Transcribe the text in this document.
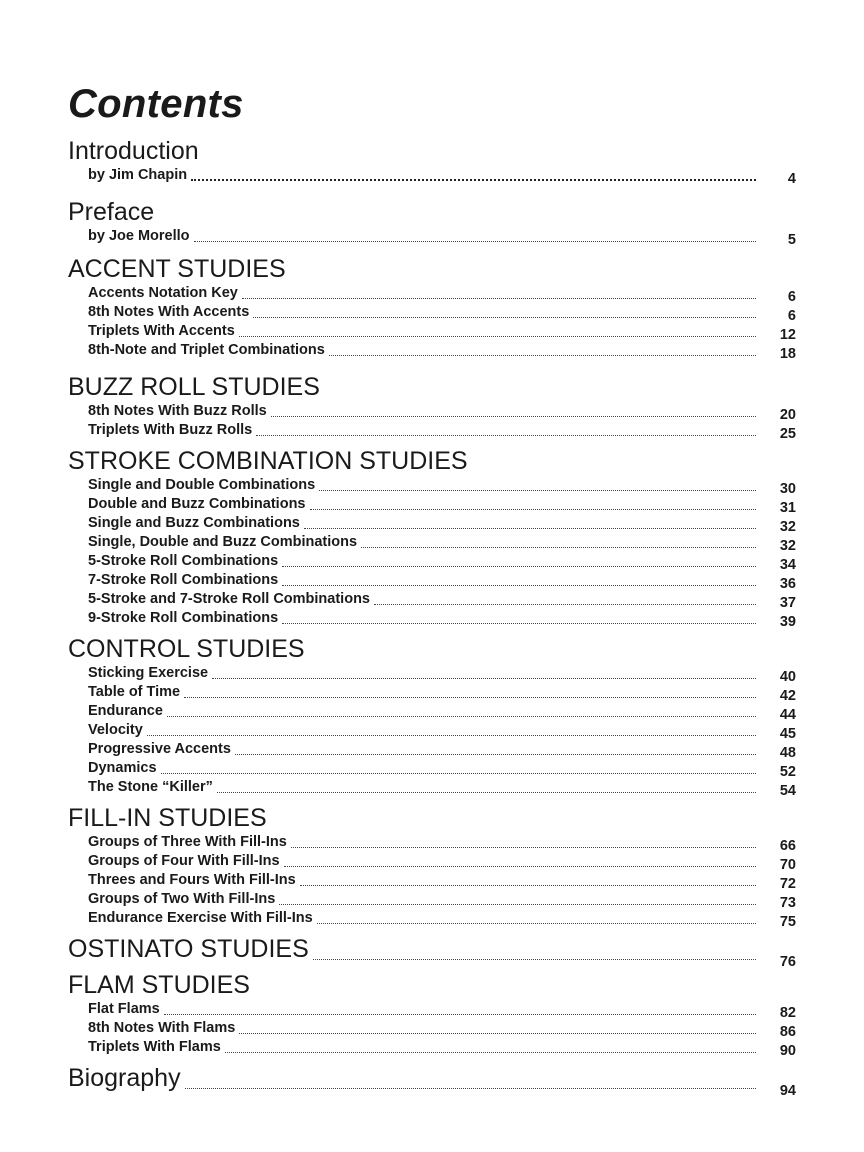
Contents
Introduction
by Jim Chapin	4
Preface
by Joe Morello	5
ACCENT STUDIES
Accents Notation Key	6
8th Notes With Accents	6
Triplets With Accents	12
8th-Note and Triplet Combinations	18
BUZZ ROLL STUDIES
8th Notes With Buzz Rolls	20
Triplets With Buzz Rolls	25
STROKE COMBINATION STUDIES
Single and Double Combinations	30
Double and Buzz Combinations	31
Single and Buzz Combinations	32
Single, Double and Buzz Combinations	32
5-Stroke Roll Combinations	34
7-Stroke Roll Combinations	36
5-Stroke and 7-Stroke Roll Combinations	37
9-Stroke Roll Combinations	39
CONTROL STUDIES
Sticking Exercise	40
Table of Time	42
Endurance	44
Velocity	45
Progressive Accents	48
Dynamics	52
The Stone “Killer”	54
FILL-IN STUDIES
Groups of Three With Fill-Ins	66
Groups of Four With Fill-Ins	70
Threes and Fours With Fill-Ins	72
Groups of Two With Fill-Ins	73
Endurance Exercise With Fill-Ins	75
OSTINATO STUDIES	76
FLAM STUDIES
Flat Flams	82
8th Notes With Flams	86
Triplets With Flams	90
Biography	94
